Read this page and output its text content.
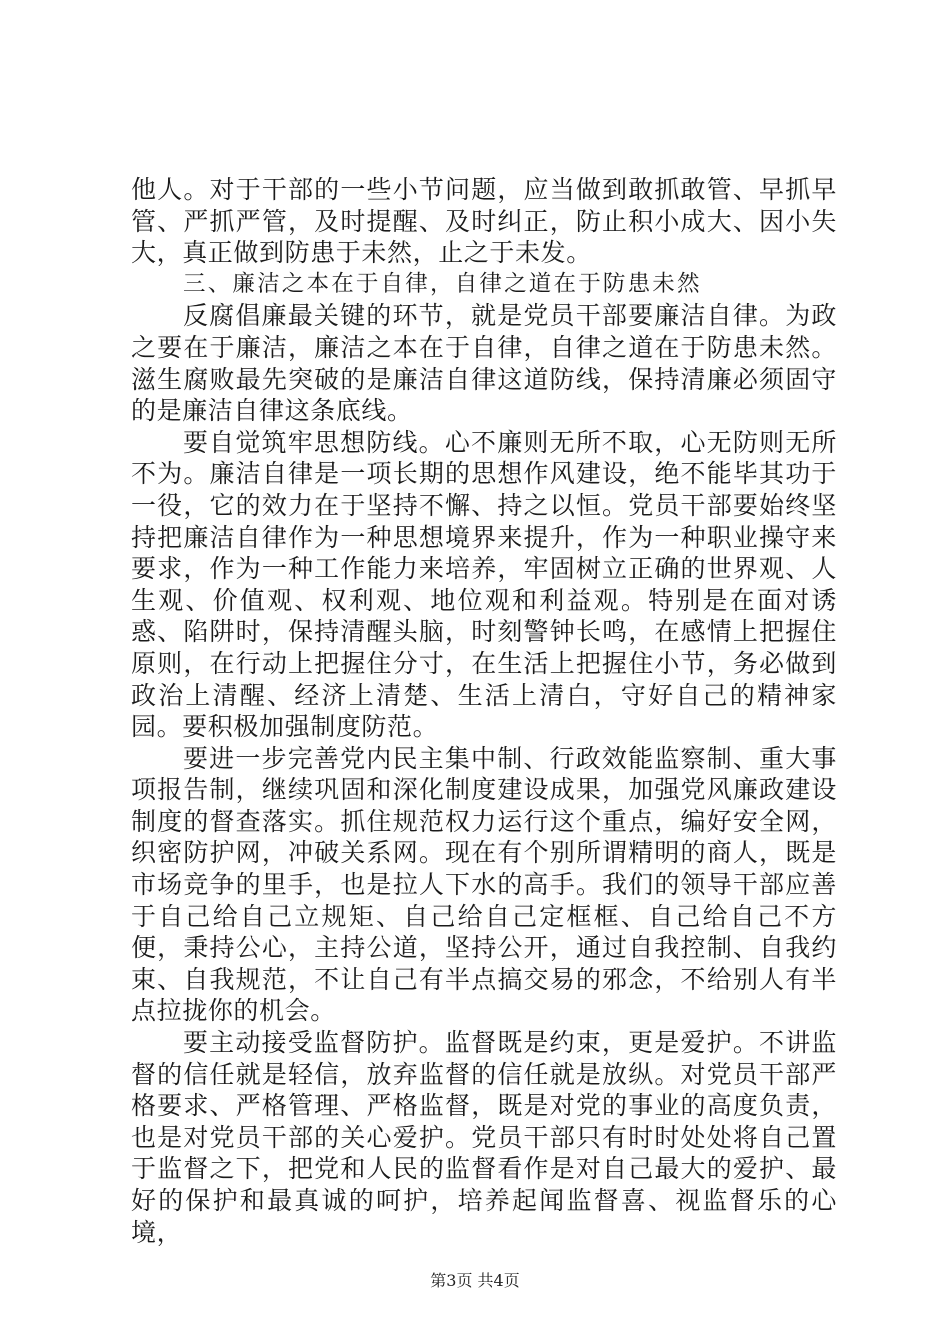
他人。对于干部的一些小节问题，应当做到敢抓敢管、早抓早管、严抓严管，及时提醒、及时纠正，防止积小成大、因小失大，真正做到防患于未然，止之于未发。

三、廉洁之本在于自律，自律之道在于防患未然

反腐倡廉最关键的环节，就是党员干部要廉洁自律。为政之要在于廉洁，廉洁之本在于自律，自律之道在于防患未然。滋生腐败最先突破的是廉洁自律这道防线，保持清廉必须固守的是廉洁自律这条底线。

要自觉筑牢思想防线。心不廉则无所不取，心无防则无所不为。廉洁自律是一项长期的思想作风建设，绝不能毕其功于一役，它的效力在于坚持不懈、持之以恒。党员干部要始终坚持把廉洁自律作为一种思想境界来提升，作为一种职业操守来要求，作为一种工作能力来培养，牢固树立正确的世界观、人生观、价值观、权利观、地位观和利益观。特别是在面对诱惑、陷阱时，保持清醒头脑，时刻警钟长鸣，在感情上把握住原则，在行动上把握住分寸，在生活上把握住小节，务必做到政治上清醒、经济上清楚、生活上清白，守好自己的精神家园。要积极加强制度防范。

要进一步完善党内民主集中制、行政效能监察制、重大事项报告制，继续巩固和深化制度建设成果，加强党风廉政建设制度的督查落实。抓住规范权力运行这个重点，编好安全网，织密防护网，冲破关系网。现在有个别所谓精明的商人，既是市场竞争的里手，也是拉人下水的高手。我们的领导干部应善于自己给自己立规矩、自己给自己定框框、自己给自己不方便，秉持公心，主持公道，坚持公开，通过自我控制、自我约束、自我规范，不让自己有半点搞交易的邪念，不给别人有半点拉拢你的机会。

要主动接受监督防护。监督既是约束，更是爱护。不讲监督的信任就是轻信，放弃监督的信任就是放纵。对党员干部严格要求、严格管理、严格监督，既是对党的事业的高度负责，也是对党员干部的关心爱护。党员干部只有时时处处将自己置于监督之下，把党和人民的监督看作是对自己最大的爱护、最好的保护和最真诚的呵护，培养起闻监督喜、视监督乐的心境，

第3页 共4页
